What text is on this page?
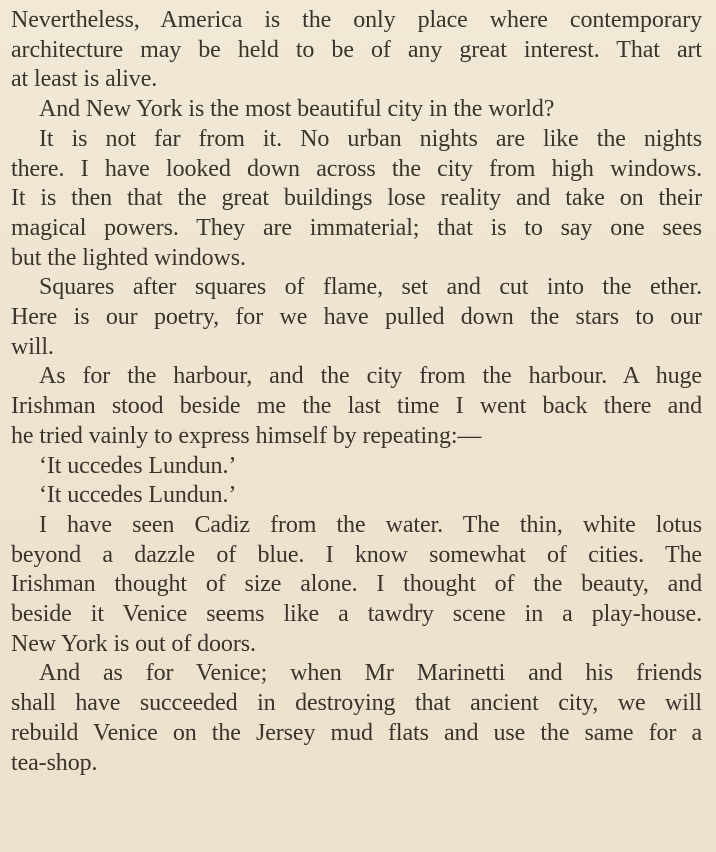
Nevertheless, America is the only place where contemporary
architecture may be held to be of any great interest. That art
at least is alive.

And New York is the most beautiful city in the world?

It is not far from it. No urban nights are like the nights
there. I have looked down across the city from high windows.
It is then that the great buildings lose reality and take on their
magical powers. They are immaterial; that is to say one sees
but the lighted windows.

Squares after squares of flame, set and cut into the ether.
Here is our poetry, for we have pulled down the stars to our
will.

As for the harbour, and the city from the harbour. A huge
Irishman stood beside me the last time I went back there and
he tried vainly to express himself by repeating:—

‘It uccedes Lundun.’

‘It uccedes Lundun.’

I have seen Cadiz from the water. The thin, white lotus
beyond a dazzle of blue. I know somewhat of cities. The
Irishman thought of size alone. I thought of the beauty, and
beside it Venice seems like a tawdry scene in a play-house.
New York is out of doors.

And as for Venice; when Mr Marinetti and his friends
shall have succeeded in destroying that ancient city, we will
rebuild Venice on the Jersey mud flats and use the same for a
tea-shop.
